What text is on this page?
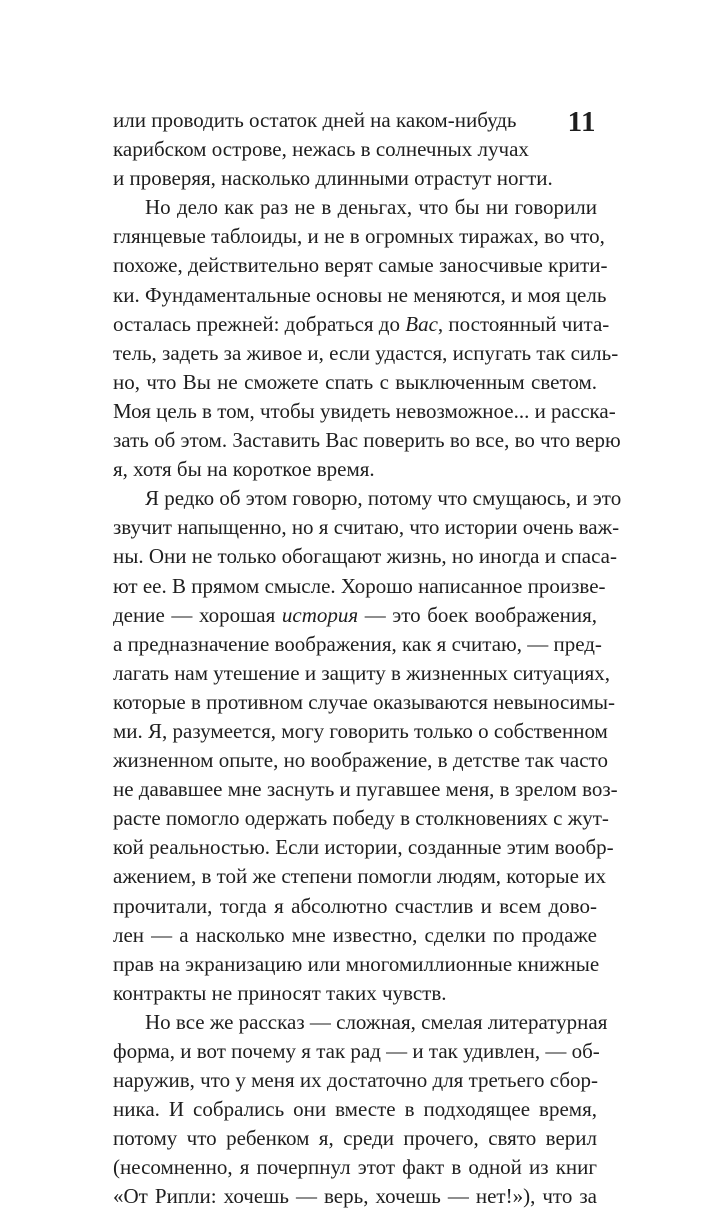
11
или проводить остаток дней на каком-нибудь
карибском острове, нежась в солнечных лучах
и проверяя, насколько длинными отрастут ногти.
Но дело как раз не в деньгах, что бы ни говорили
глянцевые таблоиды, и не в огромных тиражах, во что,
похоже, действительно верят самые заносчивые крити-
ки. Фундаментальные основы не меняются, и моя цель
осталась прежней: добраться до Вас, постоянный чита-
тель, задеть за живое и, если удастся, испугать так силь-
но, что Вы не сможете спать с выключенным светом.
Моя цель в том, чтобы увидеть невозможное... и расска-
зать об этом. Заставить Вас поверить во все, во что верю
я, хотя бы на короткое время.
Я редко об этом говорю, потому что смущаюсь, и это
звучит напыщенно, но я считаю, что истории очень важ-
ны. Они не только обогащают жизнь, но иногда и спаса-
ют ее. В прямом смысле. Хорошо написанное произве-
дение — хорошая история — это боек воображения,
а предназначение воображения, как я считаю, — пред-
лагать нам утешение и защиту в жизненных ситуациях,
которые в противном случае оказываются невыносимы-
ми. Я, разумеется, могу говорить только о собственном
жизненном опыте, но воображение, в детстве так часто
не дававшее мне заснуть и пугавшее меня, в зрелом воз-
расте помогло одержать победу в столкновениях с жут-
кой реальностью. Если истории, созданные этим вообр-
ажением, в той же степени помогли людям, которые их
прочитали, тогда я абсолютно счастлив и всем дово-
лен — а насколько мне известно, сделки по продаже
прав на экранизацию или многомиллионные книжные
контракты не приносят таких чувств.
Но все же рассказ — сложная, смелая литературная
форма, и вот почему я так рад — и так удивлен, — об-
наружив, что у меня их достаточно для третьего сбор-
ника. И собрались они вместе в подходящее время,
потому что ребенком я, среди прочего, свято верил
(несомненно, я почерпнул этот факт в одной из книг
«От Рипли: хочешь — верь, хочешь — нет!»), что за
